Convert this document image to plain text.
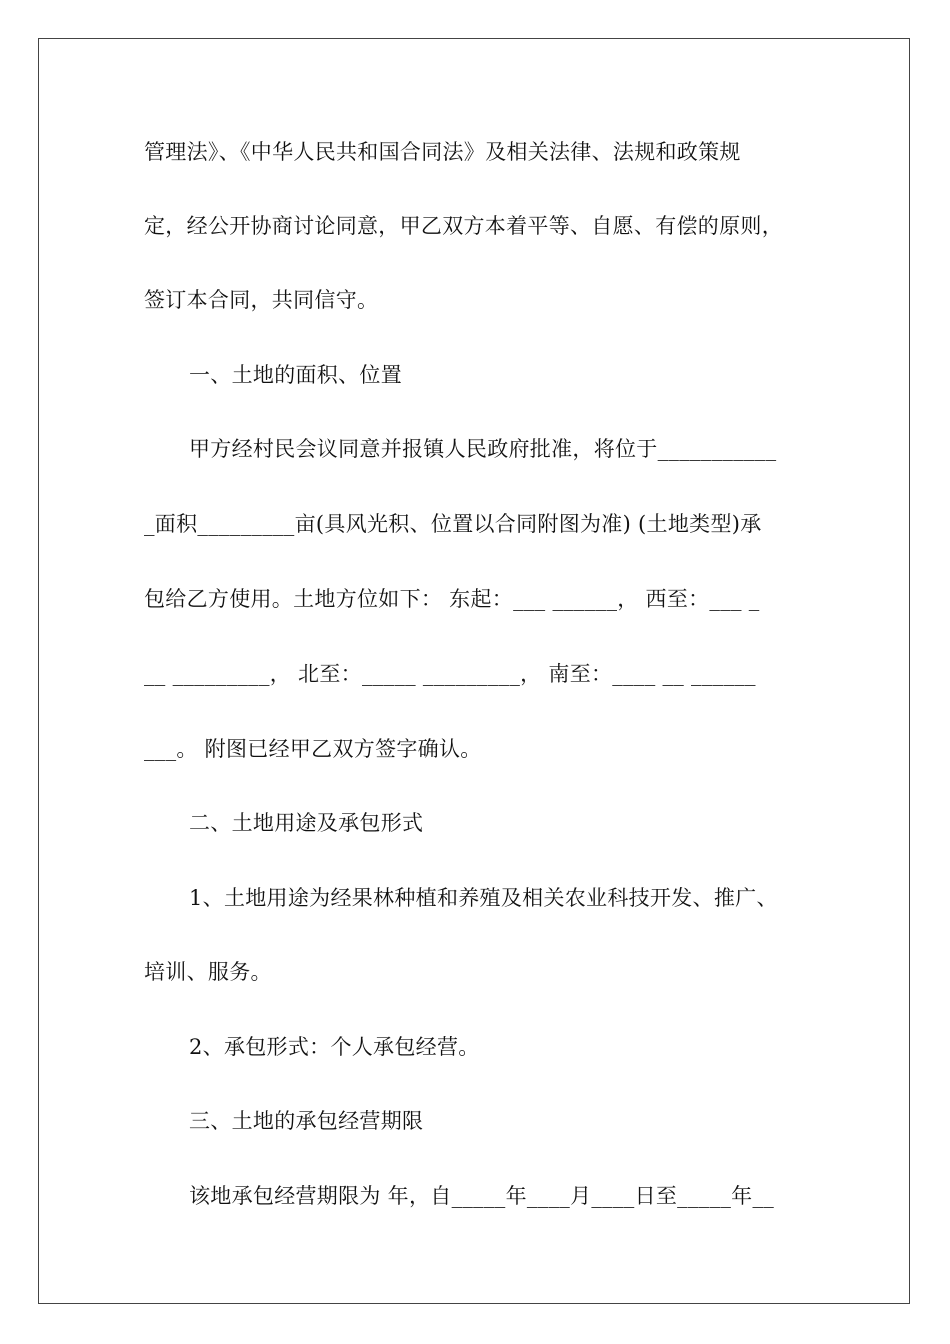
管理法》、《中华人民共和国合同法》及相关法律、法规和政策规
定，经公开协商讨论同意，甲乙双方本着平等、自愿、有偿的原则，
签订本合同，共同信守。
一、土地的面积、位置
甲方经村民会议同意并报镇人民政府批准，将位于___________
_面积_________亩(具风光积、位置以合同附图为准) (土地类型)承
包给乙方使用。土地方位如下： 东起：___ ______， 西至：___ _
__ _________， 北至：_____ _________， 南至：____ __ ______
___。 附图已经甲乙双方签字确认。
二、土地用途及承包形式
1、土地用途为经果林种植和养殖及相关农业科技开发、推广、
培训、服务。
2、承包形式：个人承包经营。
三、土地的承包经营期限
该地承包经营期限为 年，自_____年____月____日至_____年__
